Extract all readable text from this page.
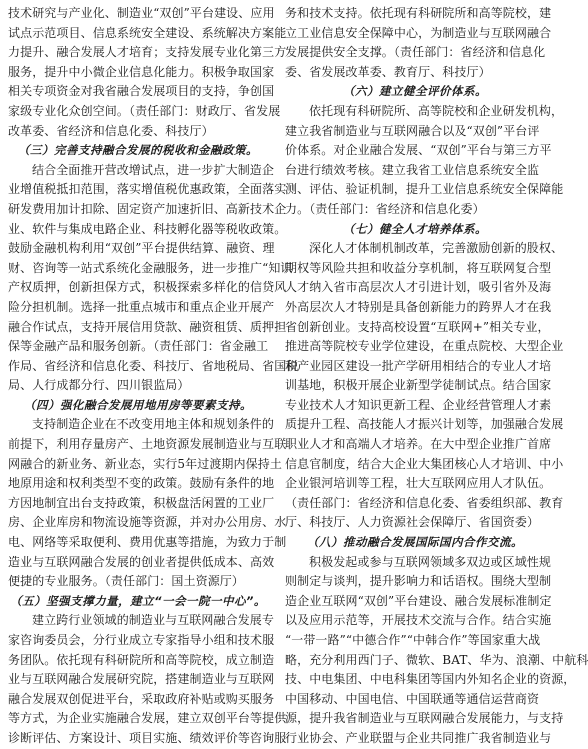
技术研究与产业化、制造业“双创”平台建设、应用
试点示范项目、信息系统安全建设、系统解决方案能
力提升、融合发展人才培育；支持发展专业化第三方
服务，提升中小微企业信息化能力。积极争取国家
相关专项资金对我省融合发展项目的支持，争创国
家级专业化众创空间。（责任部门：财政厅、省发展
改革委、省经济和信息化委、科技厅）
（三）完善支持融合发展的税收和金融政策。
结合全面推开营改增试点，进一步扩大制造企
业增值税抵扣范围，落实增值税优惠政策，全面落实
研发费用加计扣除、固定资产加速折旧、高新技术企
业、软件与集成电路企业、科技孵化器等税收政策。
鼓励金融机构利用“双创”平台提供结算、融资、理
财、咨询等一站式系统化金融服务，进一步推广“知识
产权质押，创新担保方式，积极探索多样化的信贷风
险分担机制。选择一批重点城市和重点企业开展产
融合作试点，支持开展信用贷款、融资租赁、质押担
保等金融产品和服务创新。（责任部门：省金融工
作局、省经济和信息化委、科技厅、省地税局、省国税
局、人行成都分行、四川银监局）
（四）强化融合发展用地用房等要素支持。
支持制造企业在不改变用地主体和规划条件的
前提下，利用存量房产、土地资源发展制造业与互联
网融合的新业务、新业态，实行5年过渡期内保持土
地原用途和权利类型不变的政策。鼓励有条件的地
方因地制宜出台支持政策，积极盘活闲置的工业厂
房、企业库房和物流设施等资源，并对办公用房、水
电、网络等采取便利、费用优惠等措施，为致力于制
造业与互联网融合发展的创业者提供低成本、高效
便捷的专业服务。（责任部门：国土资源厅）
（五）坚强支撑力量，建立“一会一院一中心”。
建立跨行业领域的制造业与互联网融合发展专
家咨询委员会，分行业成立专家指导小组和技术服
务团队。依托现有科研院所和高等院校，成立制造
业与互联网融合发展研究院，搭建制造业与互联网
融合发展双创促进平台，采取政府补贴或购买服务
等方式，为企业实施融合发展，建立双创平台等提供
诊断评估、方案设计、项目实施、绩效评价等咨询服
务和技术支持。依托现有科研院所和高等院校，建
立工业信息安全保障中心，为制造业与互联网融合
发展提供安全支撑。（责任部门：省经济和信息化
委、省发展改革委、教育厅、科技厅）
（六）建立健全评价体系。
依托现有科研院所、高等院校和企业研发机构，
建立我省制造业与互联网融合以及“双创”平台评
价体系。对企业融合发展、“双创”平台与第三方平
台进行绩效考核。建立我省工业信息系统安全监
测、评估、验证机制，提升工业信息系统安全保障能
力。（责任部门：省经济和信息化委）
（七）健全人才培养体系。
深化人才体制机制改革，完善激励创新的股权、
期权等风险共担和收益分享机制，将互联网复合型
人才纳入省市高层次人才引进计划，吸引省外及海
外高层次人才特别是具备创新能力的跨界人才在我
省创新创业。支持高校设置“互联网+”相关专业，
推进高等院校专业学位建设，在重点院校、大型企业
和产业园区建设一批产学研用相结合的专业人才培
训基地，积极开展企业新型学徒制试点。结合国家
专业技术人才知识更新工程、企业经营管理人才素
质提升工程、高技能人才振兴计划等，加强融合发展
职业人才和高端人才培养。在大中型企业推广首席
信息官制度，结合大企业大集团核心人才培训、中小
企业银河培训等工程，壮大互联网应用人才队伍。
（责任部门：省经济和信息化委、省委组织部、教育
厅、科技厅、人力资源社会保障厅、省国资委）
（八）推动融合发展国际国内合作交流。
积极发起或参与互联网领域多双边或区域性规
则制定与谈判，提升影响力和话语权。围绕大型制
造企业互联网“双创”平台建设、融合发展标准制定
以及应用示范等，开展技术交流与合作。结合实施
“一带一路”“中德合作”“中韩合作”等国家重大战
略，充分利用西门子、微软、BAT、华为、浪潮、中航科
技、中电集团、中电科集团等国内外知名企业的资源，
中国移动、中国电信、中国联通等通信运营商资
源，提升我省制造业与互联网融合发展能力，与支持
行业协会、产业联盟与企业共同推广我省制造业与
